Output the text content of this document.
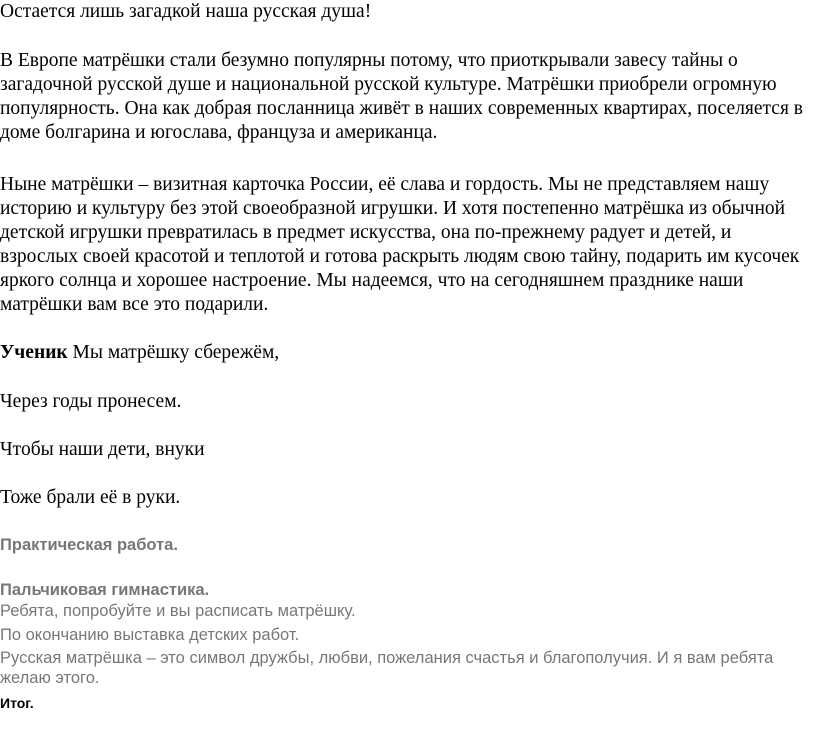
Остается лишь загадкой наша русская душа!

В Европе матрёшки стали безумно популярны потому, что приоткрывали завесу тайны о загадочной русской душе и национальной русской культуре. Матрёшки приобрели огромную популярность. Она как добрая посланница живёт в наших современных квартирах, поселяется в доме болгарина и югослава, француза и американца.

Ныне матрёшки – визитная карточка России, её слава и гордость. Мы не представляем нашу историю и культуру без этой своеобразной игрушки. И хотя постепенно матрёшка из обычной детской игрушки превратилась в предмет искусства, она по-прежнему радует и детей, и взрослых своей красотой и теплотой и готова раскрыть людям свою тайну, подарить им кусочек яркого солнца и хорошее настроение. Мы надеемся, что на сегодняшнем празднике наши матрёшки вам все это подарили.

Ученик Мы матрёшку сбережём,

Через годы пронесем.

Чтобы наши дети, внуки

Тоже брали её в руки.

Практическая работа.

Пальчиковая гимнастика.

Ребята, попробуйте и вы расписать матрёшку.

По окончанию выставка детских работ.

Русская матрёшка – это символ дружбы, любви, пожелания счастья и благополучия. И я вам ребята желаю этого.

Итог.
